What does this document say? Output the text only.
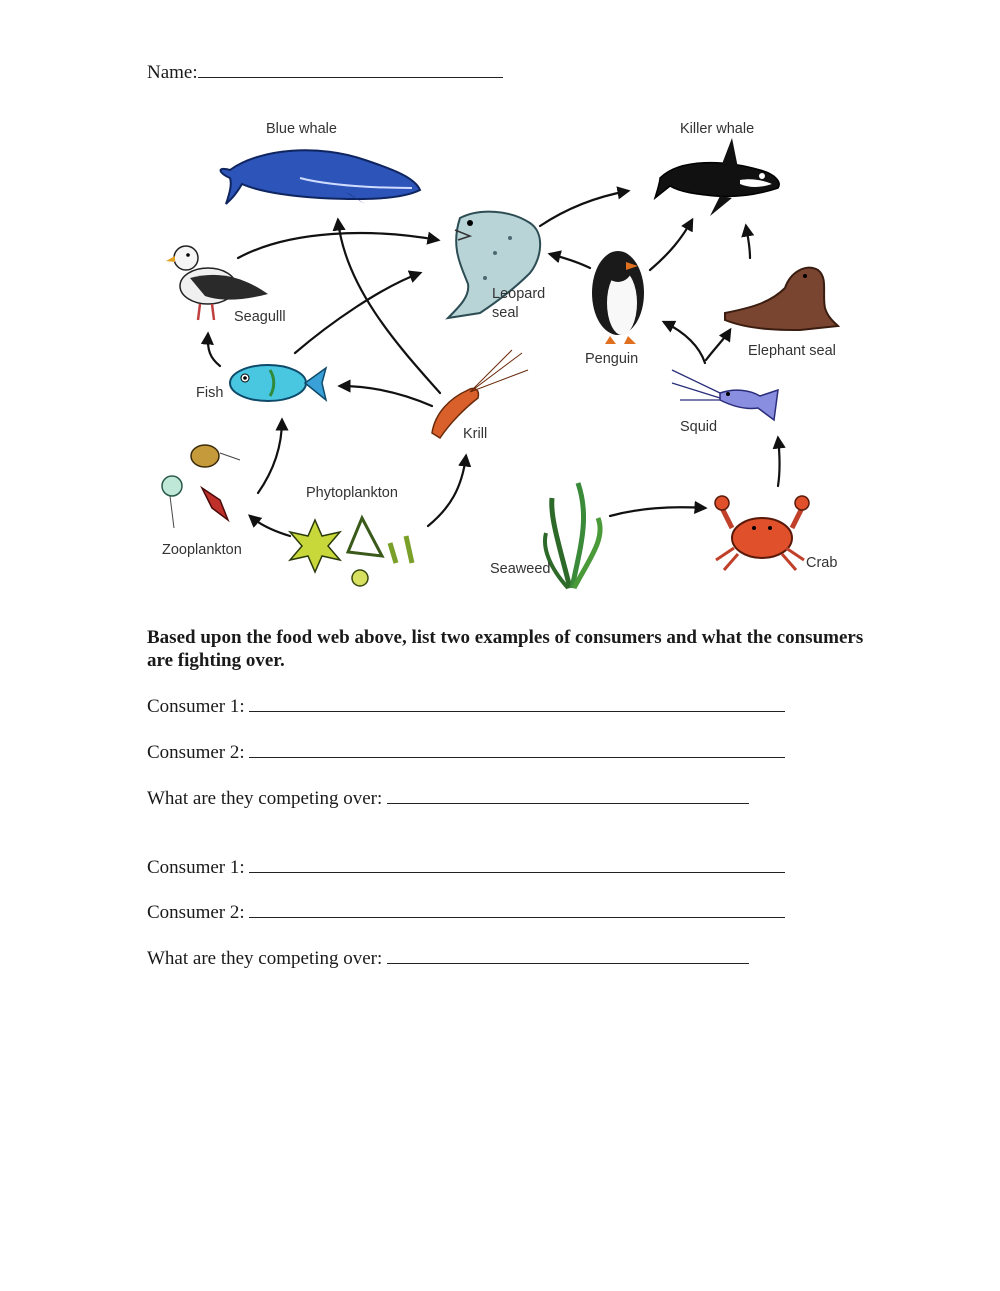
Name:
Blue whale	Killer whale
Seagulll
Leopard
seal
Penguin	Elephant seal
Fish
Krill	Squid
Zooplankton
Phytoplankton
Seaweed	Crab
Based upon the food web above, list two examples of consumers and what the consumers are fighting over.
Consumer 1:
Consumer 2:
What are they competing over:
Consumer 1:
Consumer 2:
What are they competing over:
